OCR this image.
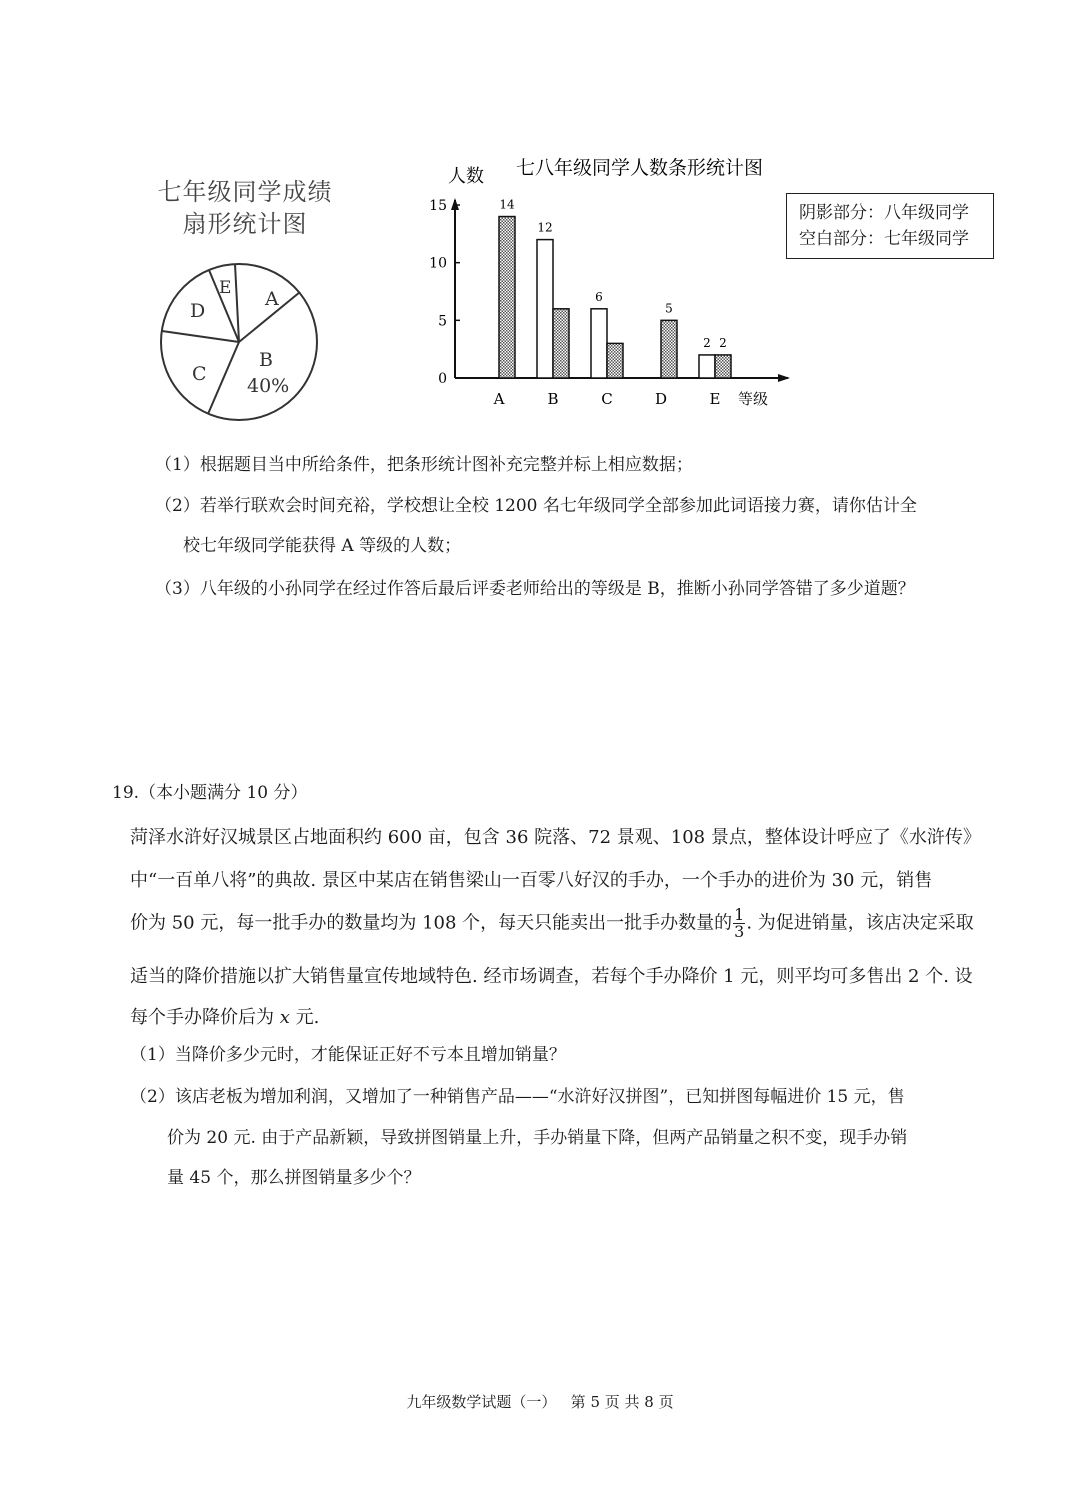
七年级同学成绩
扇形统计图
A
B
40%
C
D
E
0
5
10
15
A
14
B
12
C
6
D
5
E
2 2
七八年级同学人数条形统计图
人数
等级
阴影部分：八年级同学
空白部分：七年级同学
（1）根据题目当中所给条件，把条形统计图补充完整并标上相应数据；
（2）若举行联欢会时间充裕，学校想让全校 1200 名七年级同学全部参加此词语接力赛，请你估计全
校七年级同学能获得 A 等级的人数；
（3）八年级的小孙同学在经过作答后最后评委老师给出的等级是 B，推断小孙同学答错了多少道题？
19.（本小题满分 10 分）
菏泽水浒好汉城景区占地面积约 600 亩，包含 36 院落、72 景观、108 景点，整体设计呼应了《水浒传》
中“一百单八将”的典故. 景区中某店在销售梁山一百零八好汉的手办，一个手办的进价为 30 元，销售
价为 50 元，每一批手办的数量均为 108 个，每天只能卖出一批手办数量的 $\frac{1}{3}$ . 为促进销量，该店决定采取
适当的降价措施以扩大销售量宣传地域特色. 经市场调查，若每个手办降价 1 元，则平均可多售出 2 个. 设
每个手办降价后为 x 元.
（1）当降价多少元时，才能保证正好不亏本且增加销量？
（2）该店老板为增加利润，又增加了一种销售产品——“水浒好汉拼图”，已知拼图每幅进价 15 元，售
价为 20 元. 由于产品新颖，导致拼图销量上升，手办销量下降，但两产品销量之积不变，现手办销
量 45 个，那么拼图销量多少个？
九年级数学试题（一）   第 5 页 共 8 页
